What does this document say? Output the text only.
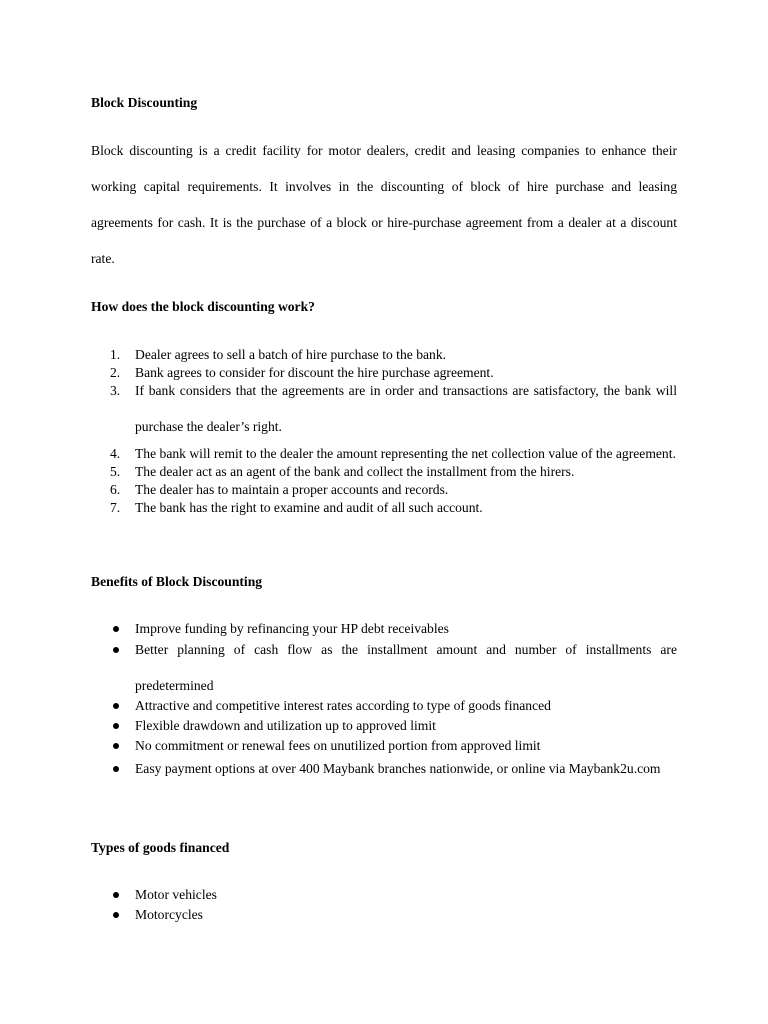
Block Discounting

Block discounting is a credit facility for motor dealers, credit and leasing companies to enhance their working capital requirements. It involves in the discounting of block of hire purchase and leasing agreements for cash. It is the purchase of a block or hire-purchase agreement from a dealer at a discount rate.

How does the block discounting work?
1. Dealer agrees to sell a batch of hire purchase to the bank.
2. Bank agrees to consider for discount the hire purchase agreement.
3. If bank considers that the agreements are in order and transactions are satisfactory, the bank will purchase the dealer’s right.
4. The bank will remit to the dealer the amount representing the net collection value of the agreement.
5. The dealer act as an agent of the bank and collect the installment from the hirers.
6. The dealer has to maintain a proper accounts and records.
7. The bank has the right to examine and audit of all such account.
Benefits of Block Discounting
Improve funding by refinancing your HP debt receivables
Better planning of cash flow as the installment amount and number of installments are predetermined
Attractive and competitive interest rates according to type of goods financed
Flexible drawdown and utilization up to approved limit
No commitment or renewal fees on unutilized portion from approved limit
Easy payment options at over 400 Maybank branches nationwide, or online via Maybank2u.com
Types of goods financed
Motor vehicles
Motorcycles
